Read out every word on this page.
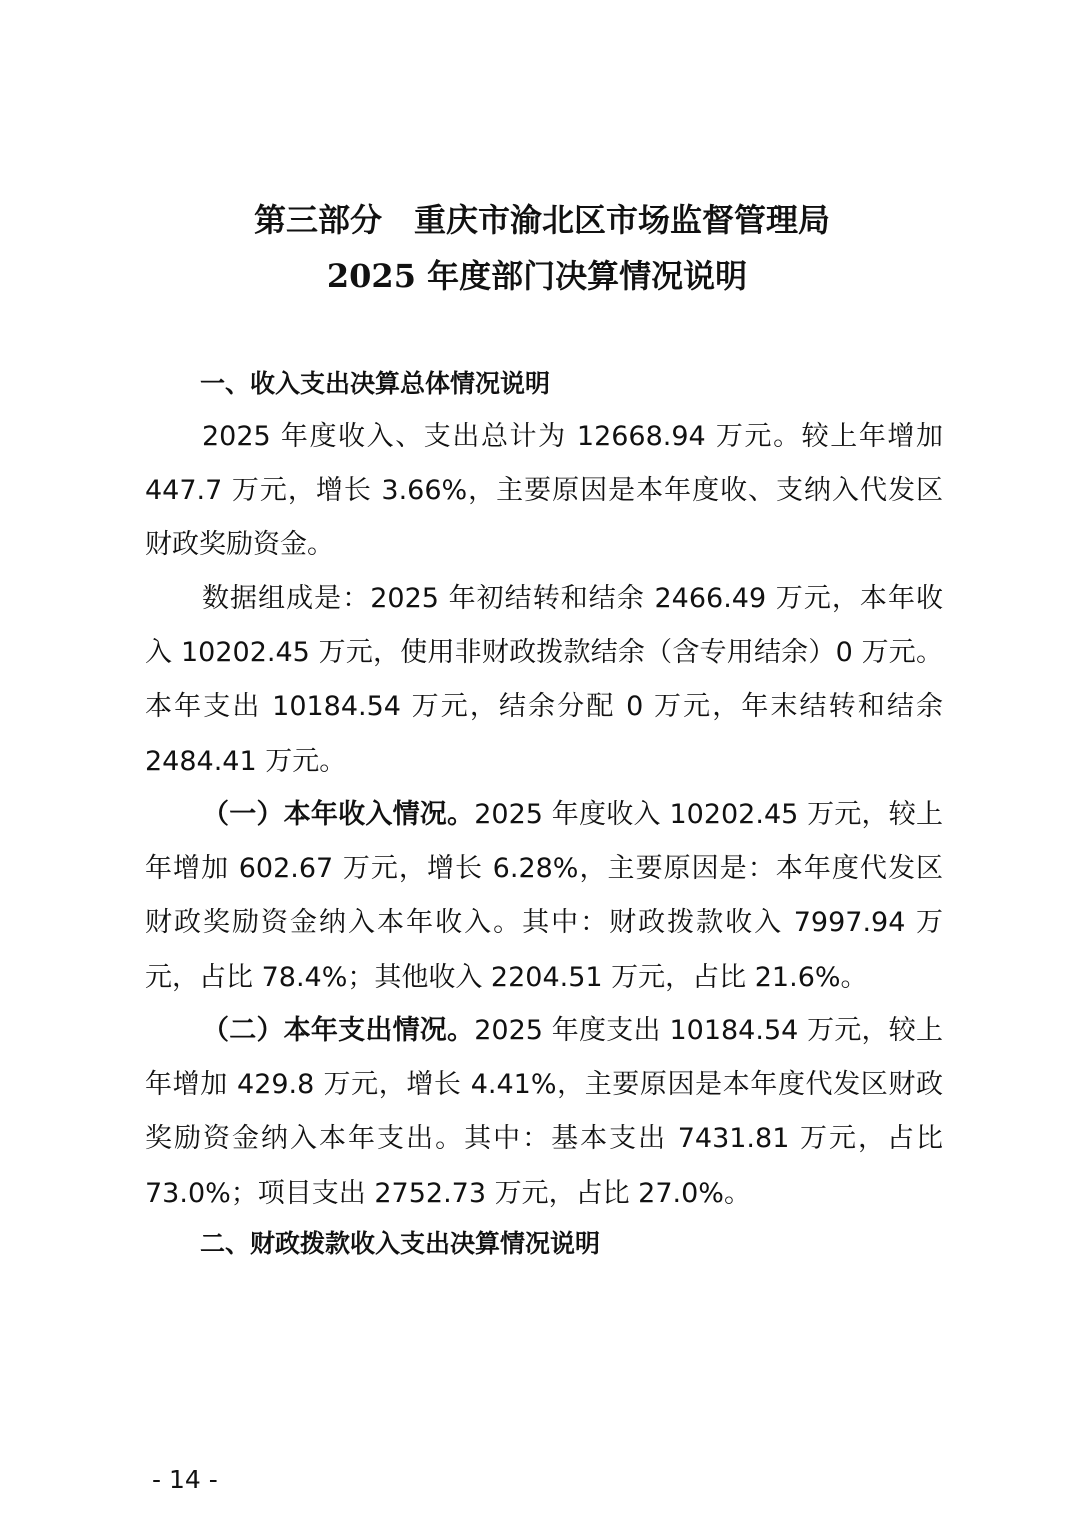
第三部分 重庆市渝北区市场监督管理局
2025 年度部门决算情况说明
一、收入支出决算总体情况说明

2025 年度收入、支出总计为 12668.94 万元。较上年增加 447.7 万元，增长 3.66%，主要原因是本年度收、支纳入代发区财政奖励资金。

数据组成是：2025 年初结转和结余 2466.49 万元，本年收入 10202.45 万元，使用非财政拨款结余（含专用结余）0 万元。本年支出 10184.54 万元，结余分配 0 万元，年末结转和结余 2484.41 万元。

（一）本年收入情况。2025 年度收入 10202.45 万元，较上年增加 602.67 万元，增长 6.28%，主要原因是：本年度代发区财政奖励资金纳入本年收入。其中：财政拨款收入 7997.94 万元，占比 78.4%；其他收入 2204.51 万元，占比 21.6%。

（二）本年支出情况。2025 年度支出 10184.54 万元，较上年增加 429.8 万元，增长 4.41%，主要原因是本年度代发区财政奖励资金纳入本年支出。其中：基本支出 7431.81 万元，占比 73.0%；项目支出 2752.73 万元，占比 27.0%。

二、财政拨款收入支出决算情况说明
- 14 -
